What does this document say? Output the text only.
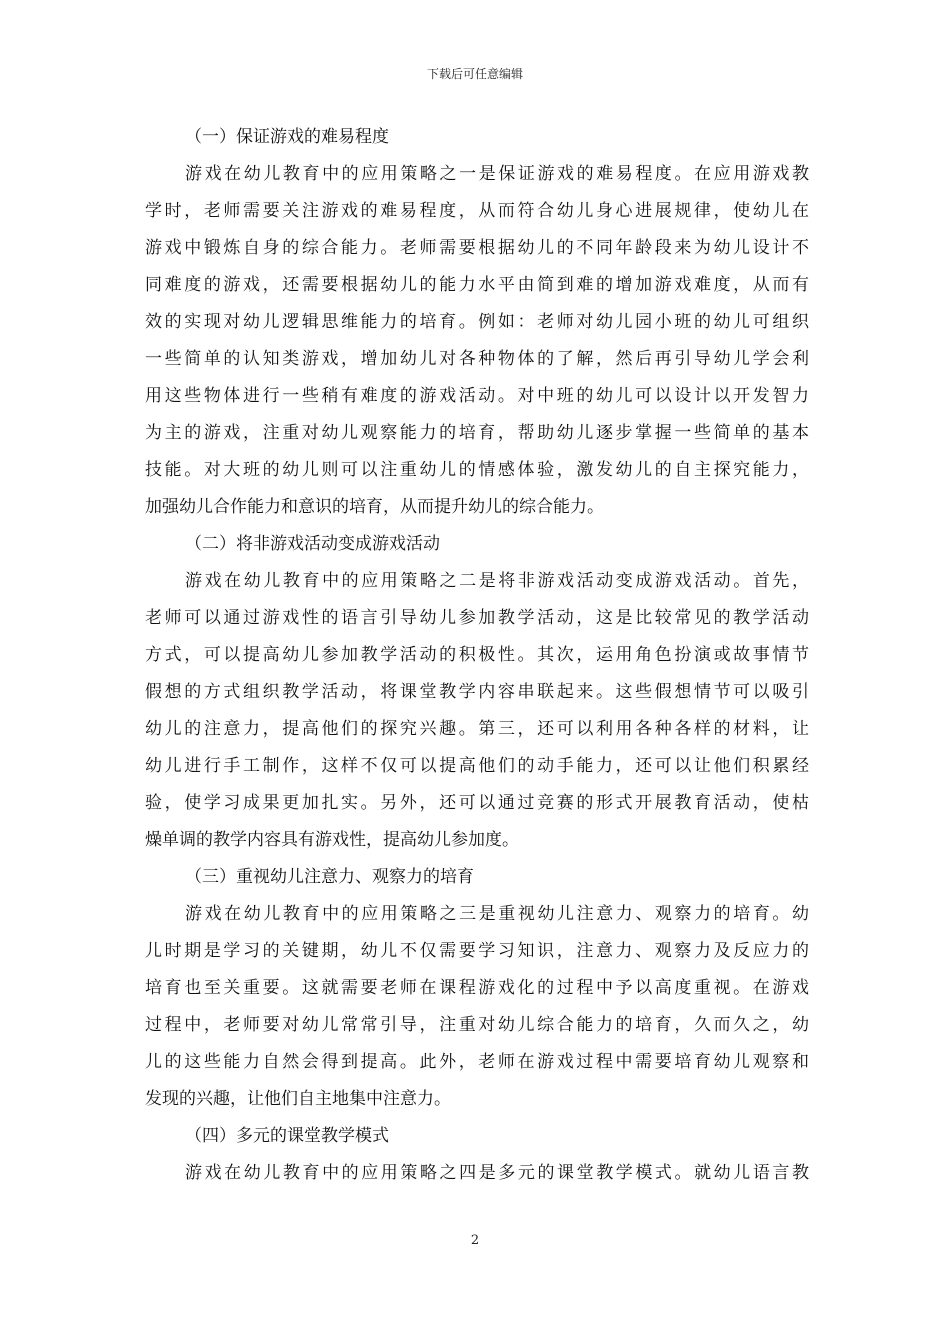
下载后可任意编辑
（一）保证游戏的难易程度

游戏在幼儿教育中的应用策略之一是保证游戏的难易程度。在应用游戏教
学时，老师需要关注游戏的难易程度，从而符合幼儿身心进展规律，使幼儿在
游戏中锻炼自身的综合能力。老师需要根据幼儿的不同年龄段来为幼儿设计不
同难度的游戏，还需要根据幼儿的能力水平由简到难的增加游戏难度，从而有
效的实现对幼儿逻辑思维能力的培育。例如：老师对幼儿园小班的幼儿可组织
一些简单的认知类游戏，增加幼儿对各种物体的了解，然后再引导幼儿学会利
用这些物体进行一些稍有难度的游戏活动。对中班的幼儿可以设计以开发智力
为主的游戏，注重对幼儿观察能力的培育，帮助幼儿逐步掌握一些简单的基本
技能。对大班的幼儿则可以注重幼儿的情感体验，激发幼儿的自主探究能力，
加强幼儿合作能力和意识的培育，从而提升幼儿的综合能力。

（二）将非游戏活动变成游戏活动

游戏在幼儿教育中的应用策略之二是将非游戏活动变成游戏活动。首先，
老师可以通过游戏性的语言引导幼儿参加教学活动，这是比较常见的教学活动
方式，可以提高幼儿参加教学活动的积极性。其次，运用角色扮演或故事情节
假想的方式组织教学活动，将课堂教学内容串联起来。这些假想情节可以吸引
幼儿的注意力，提高他们的探究兴趣。第三，还可以利用各种各样的材料，让
幼儿进行手工制作，这样不仅可以提高他们的动手能力，还可以让他们积累经
验，使学习成果更加扎实。另外，还可以通过竞赛的形式开展教育活动，使枯
燥单调的教学内容具有游戏性，提高幼儿参加度。

（三）重视幼儿注意力、观察力的培育

游戏在幼儿教育中的应用策略之三是重视幼儿注意力、观察力的培育。幼
儿时期是学习的关键期，幼儿不仅需要学习知识，注意力、观察力及反应力的
培育也至关重要。这就需要老师在课程游戏化的过程中予以高度重视。在游戏
过程中，老师要对幼儿常常引导，注重对幼儿综合能力的培育，久而久之，幼
儿的这些能力自然会得到提高。此外，老师在游戏过程中需要培育幼儿观察和
发现的兴趣，让他们自主地集中注意力。

（四）多元的课堂教学模式

游戏在幼儿教育中的应用策略之四是多元的课堂教学模式。就幼儿语言教

2
